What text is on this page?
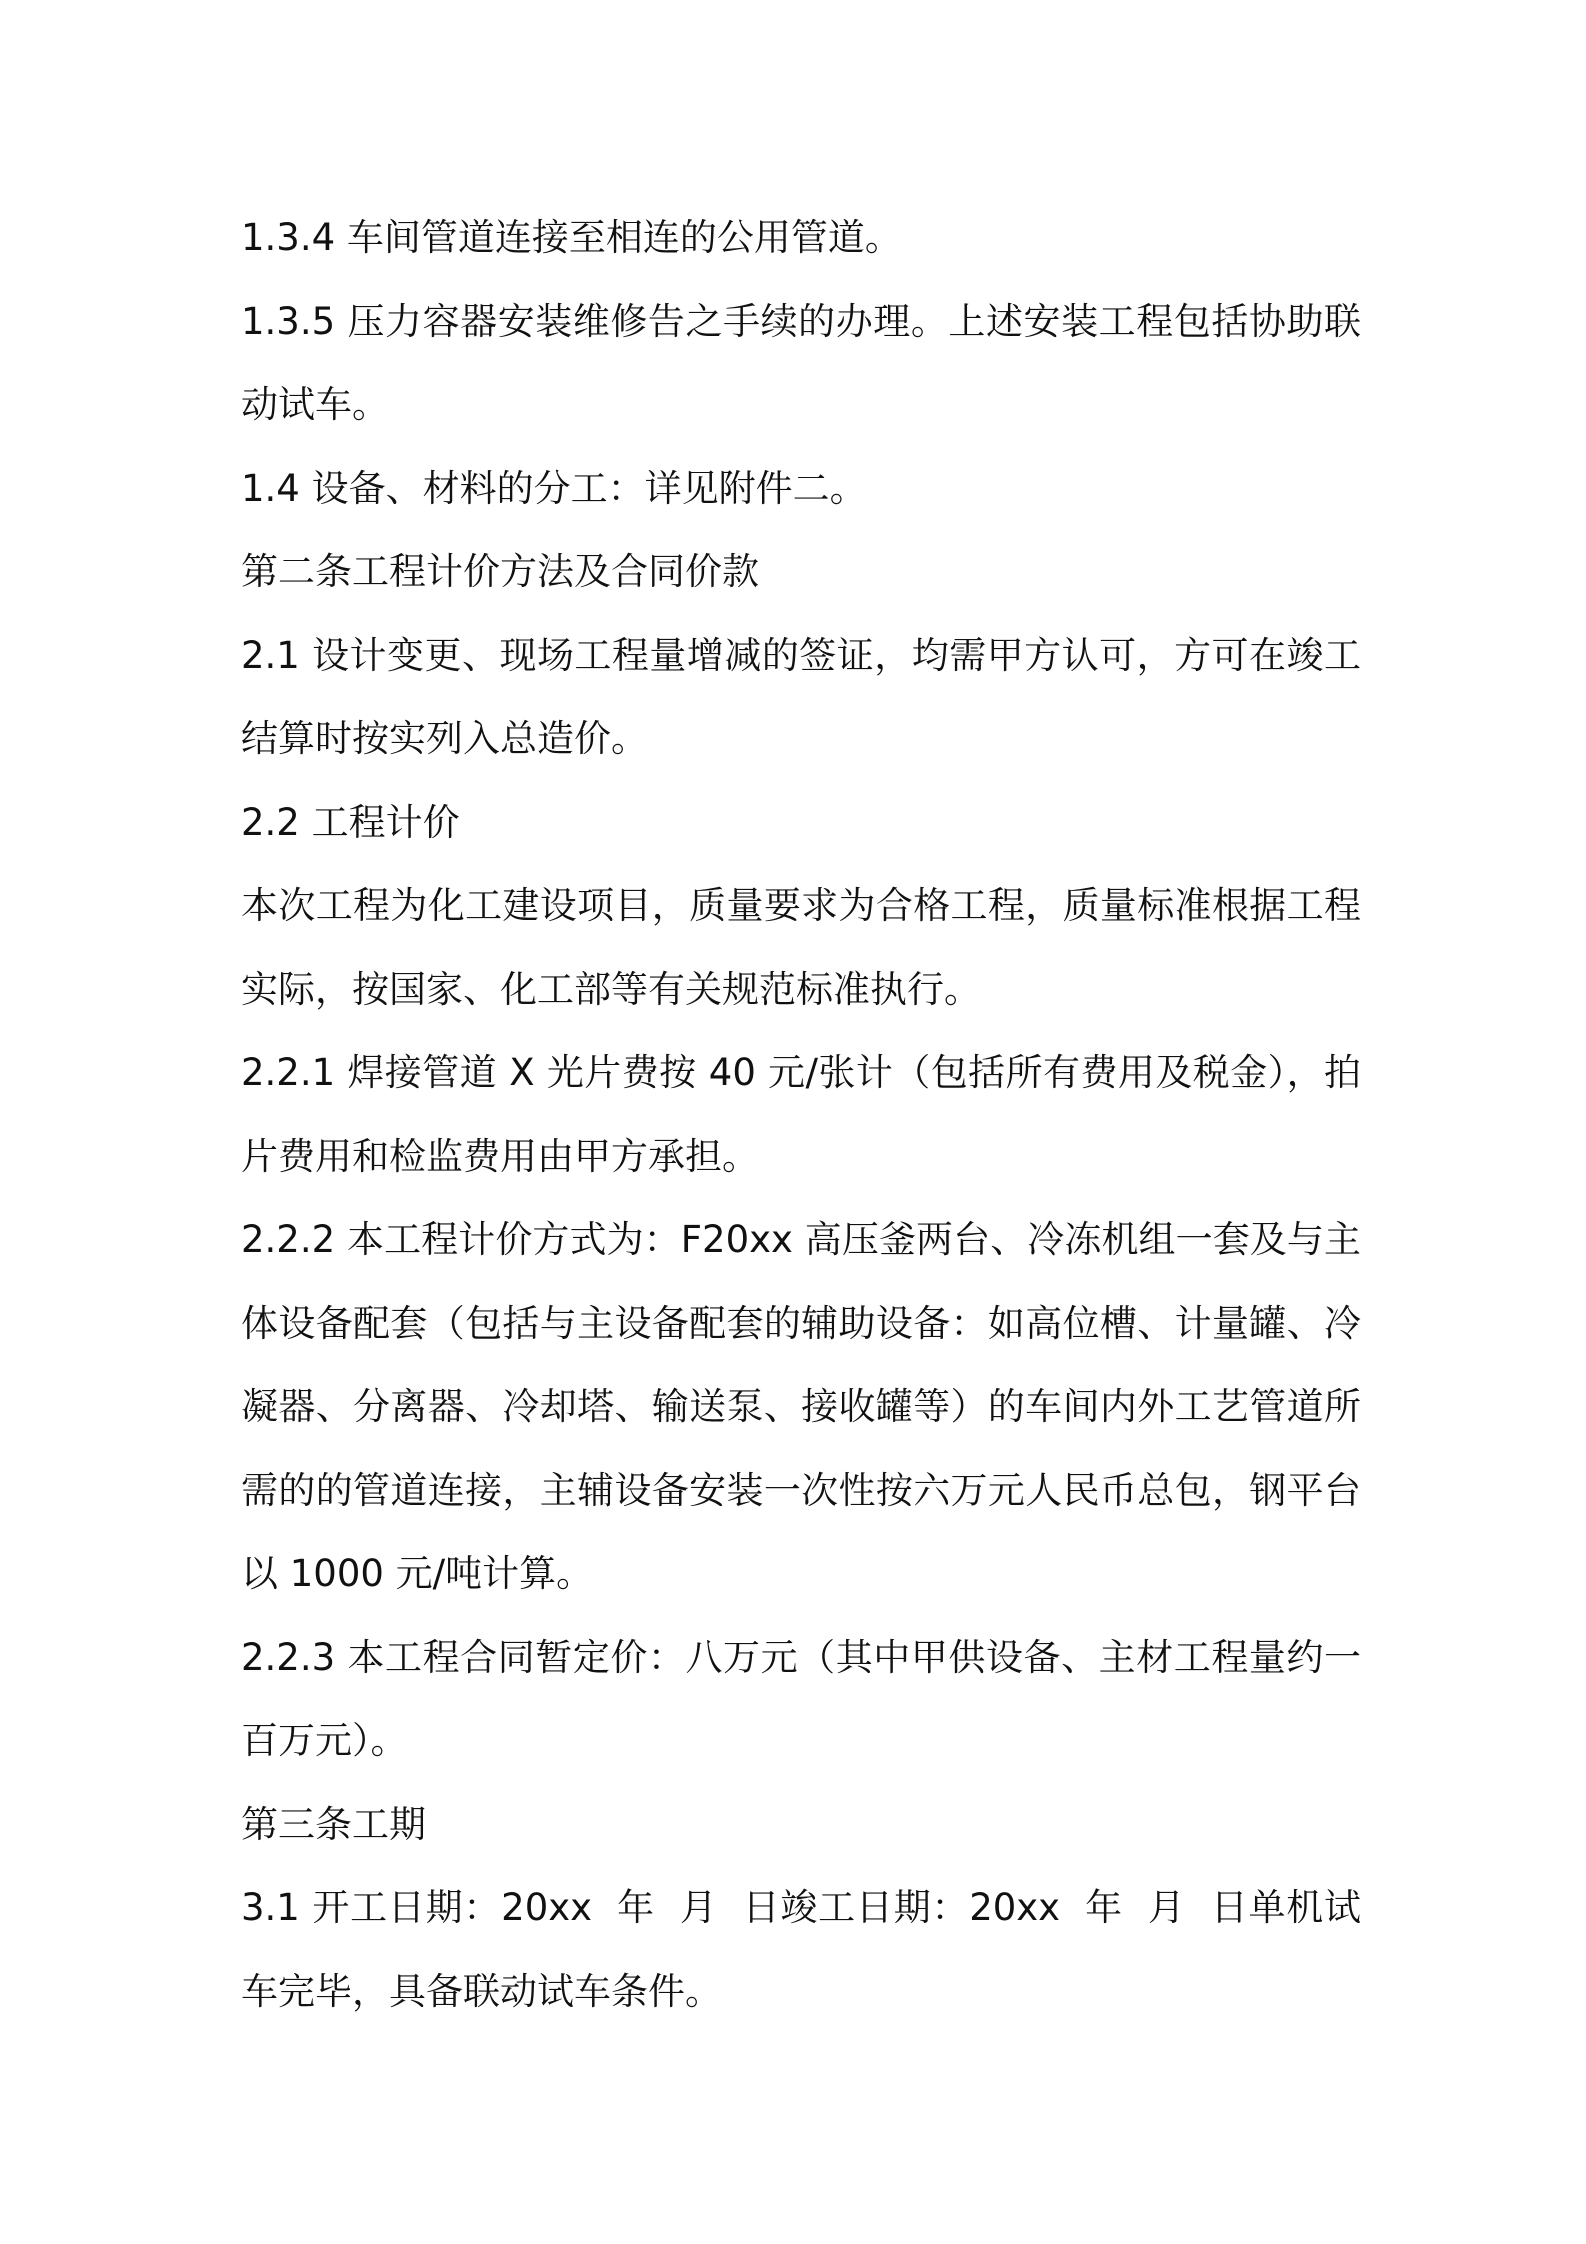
1.3.4 车间管道连接至相连的公用管道。

1.3.5 压力容器安装维修告之手续的办理。上述安装工程包括协助联动试车。

1.4 设备、材料的分工：详见附件二。

第二条工程计价方法及合同价款

2.1 设计变更、现场工程量增减的签证，均需甲方认可，方可在竣工结算时按实列入总造价。

2.2 工程计价

本次工程为化工建设项目，质量要求为合格工程，质量标准根据工程实际，按国家、化工部等有关规范标准执行。

2.2.1 焊接管道 X 光片费按 40 元/张计（包括所有费用及税金），拍片费用和检监费用由甲方承担。

2.2.2 本工程计价方式为：F20xx 高压釜两台、冷冻机组一套及与主体设备配套（包括与主设备配套的辅助设备：如高位槽、计量罐、冷凝器、分离器、冷却塔、输送泵、接收罐等）的车间内外工艺管道所需的的管道连接，主辅设备安装一次性按六万元人民币总包，钢平台以 1000 元/吨计算。

2.2.3 本工程合同暂定价：八万元（其中甲供设备、主材工程量约一百万元）。

第三条工期

3.1 开工日期：20xx  年  月  日竣工日期：20xx  年  月  日单机试车完毕，具备联动试车条件。
